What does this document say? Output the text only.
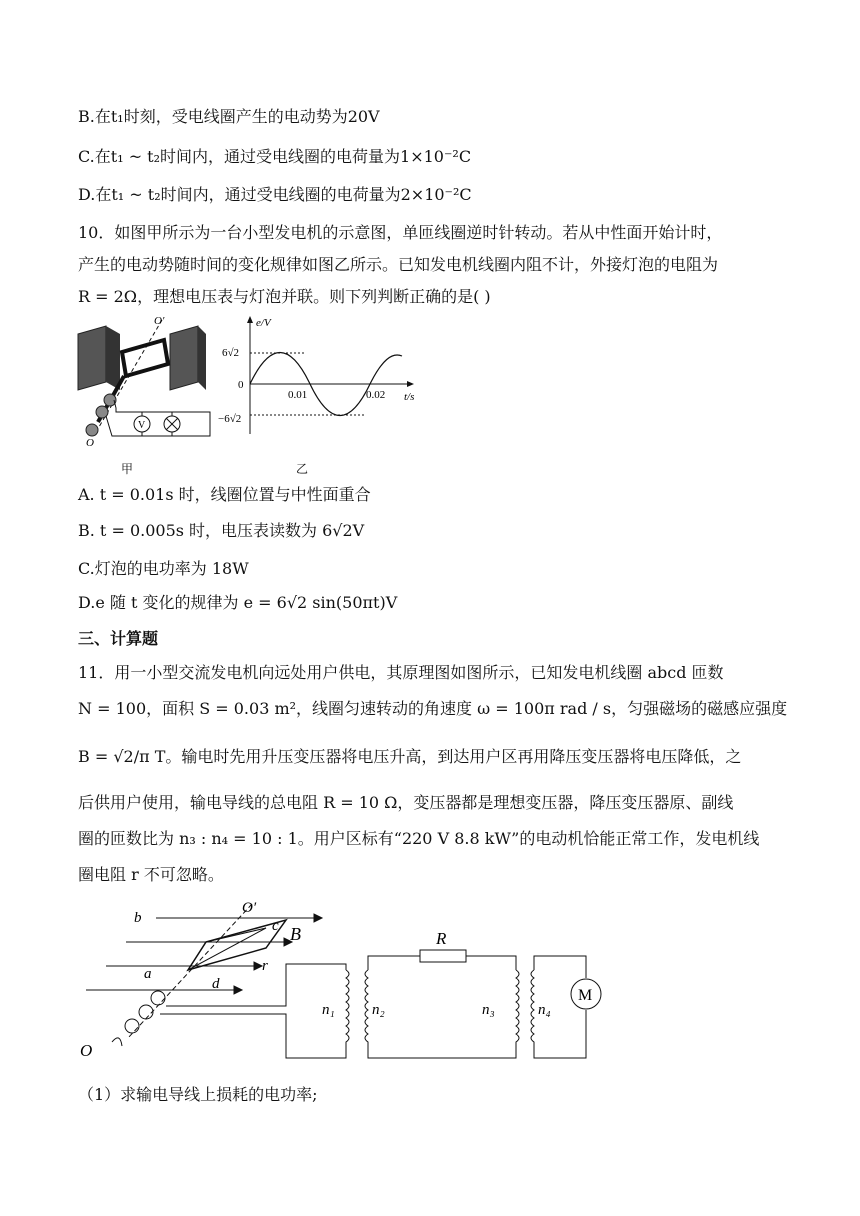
B.在t₁时刻，受电线圈产生的电动势为20V
C.在t₁ ~ t₂时间内，通过受电线圈的电荷量为1×10⁻²C
D.在t₁ ~ t₂时间内，通过受电线圈的电荷量为2×10⁻²C
10．如图甲所示为一台小型发电机的示意图，单匝线圈逆时针转动。若从中性面开始计时，
产生的电动势随时间的变化规律如图乙所示。已知发电机线圈内阻不计，外接灯泡的电阻为
R = 2Ω，理想电压表与灯泡并联。则下列判断正确的是( )
O′
O
V
甲
e/V
t/s
6√2
0
−6√2
0.01	0.02
乙
A. t = 0.01s 时，线圈位置与中性面重合
B. t = 0.005s 时，电压表读数为 6√2V
C.灯泡的电功率为 18W
D.e 随 t 变化的规律为 e = 6√2 sin(50πt)V
三、计算题
11．用一小型交流发电机向远处用户供电，其原理图如图所示，已知发电机线圈 abcd 匝数
N = 100，面积 S = 0.03 m²，线圈匀速转动的角速度 ω = 100π rad / s，匀强磁场的磁感应强度
B = √2/π T。输电时先用升压变压器将电压升高，到达用户区再用降压变压器将电压降低，之
后供用户使用，输电导线的总电阻 R = 10 Ω，变压器都是理想变压器，降压变压器原、副线
圈的匝数比为 n₃ : n₄ = 10 : 1。用户区标有“220 V 8.8 kW”的电动机恰能正常工作，发电机线
圈电阻 r 不可忽略。
b
O′
c B
a	r
d
O
n₁ n₂
R
n₃	n₄
M
（1）求输电导线上损耗的电功率;
